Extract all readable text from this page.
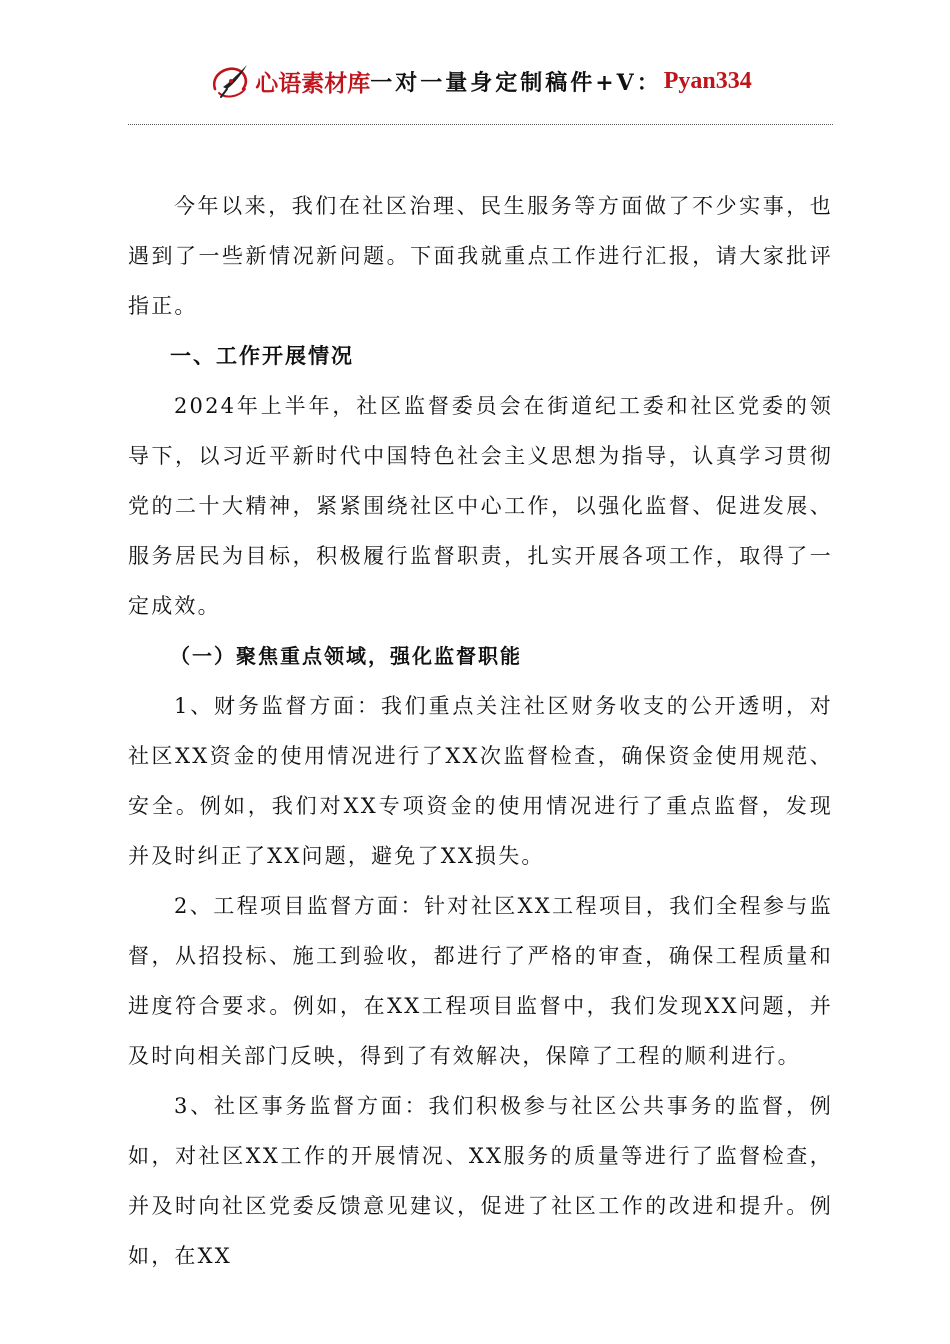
心语素材库 一对一量身定制稿件+V： Pyan334

今年以来，我们在社区治理、民生服务等方面做了不少实事，也遇到了一些新情况新问题。下面我就重点工作进行汇报，请大家批评指正。

一、工作开展情况

2024年上半年，社区监督委员会在街道纪工委和社区党委的领导下，以习近平新时代中国特色社会主义思想为指导，认真学习贯彻党的二十大精神，紧紧围绕社区中心工作，以强化监督、促进发展、服务居民为目标，积极履行监督职责，扎实开展各项工作，取得了一定成效。

（一）聚焦重点领域，强化监督职能

1、财务监督方面：我们重点关注社区财务收支的公开透明，对社区XX资金的使用情况进行了XX次监督检查，确保资金使用规范、安全。例如，我们对XX专项资金的使用情况进行了重点监督，发现并及时纠正了XX问题，避免了XX损失。

2、工程项目监督方面：针对社区XX工程项目，我们全程参与监督，从招投标、施工到验收，都进行了严格的审查，确保工程质量和进度符合要求。例如，在XX工程项目监督中，我们发现XX问题，并及时向相关部门反映，得到了有效解决，保障了工程的顺利进行。

3、社区事务监督方面：我们积极参与社区公共事务的监督，例如，对社区XX工作的开展情况、XX服务的质量等进行了监督检查，并及时向社区党委反馈意见建议，促进了社区工作的改进和提升。例如，在XX
